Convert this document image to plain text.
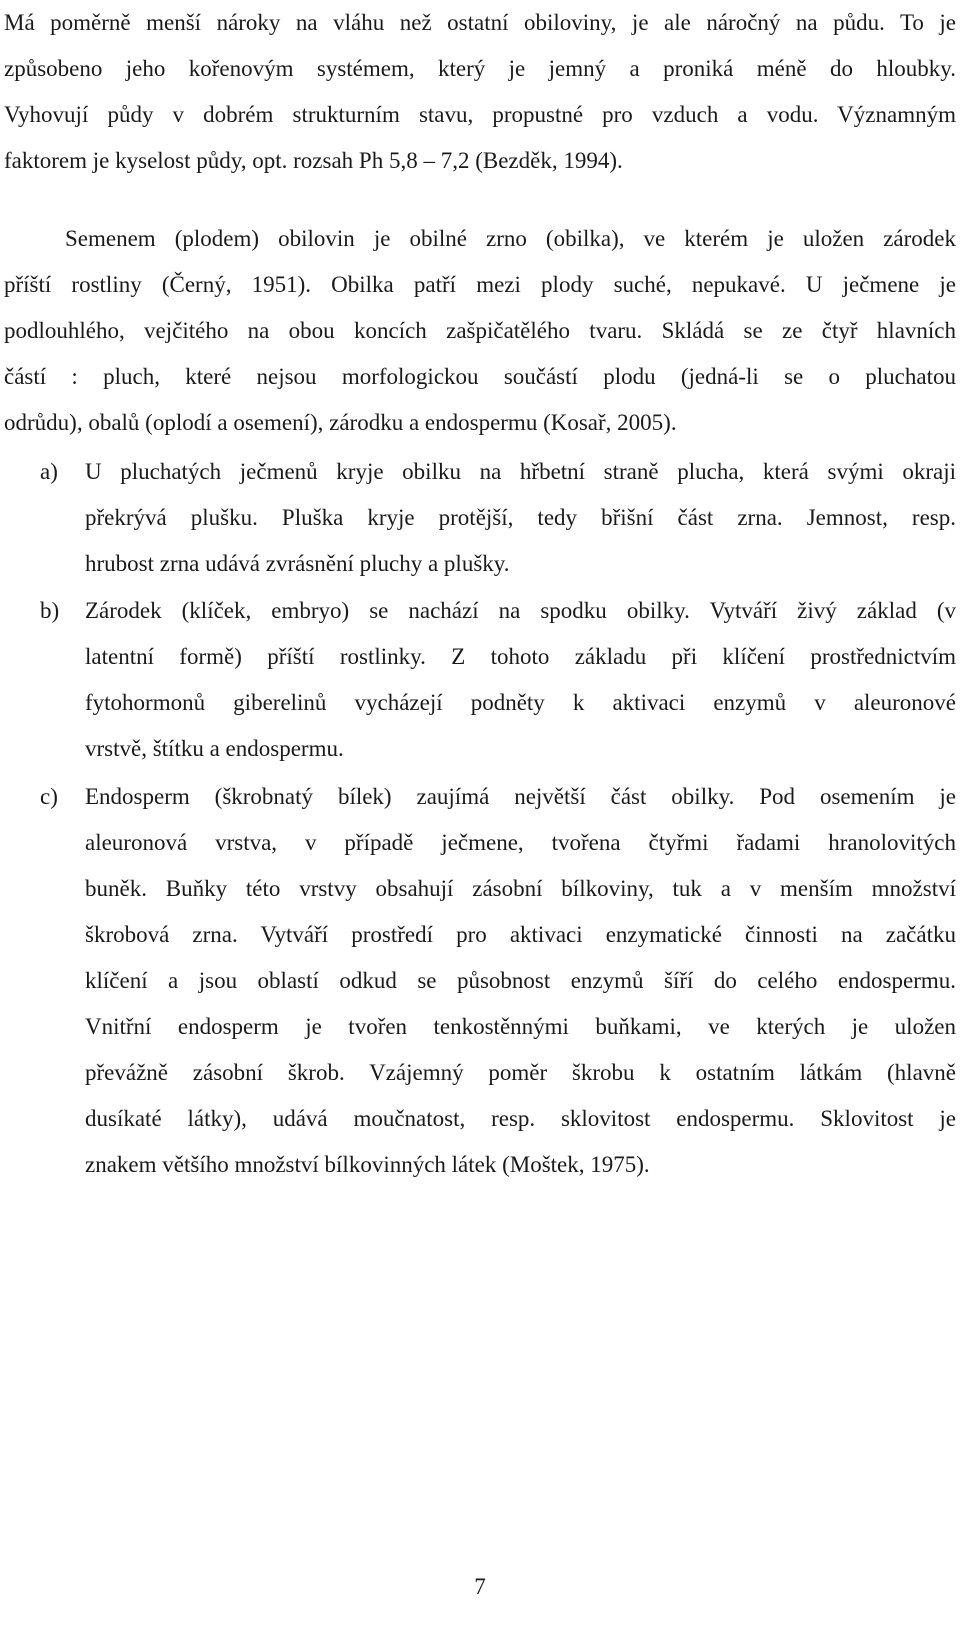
Má poměrně menší nároky na vláhu než ostatní obiloviny, je ale náročný na půdu. To je
způsobeno jeho kořenovým systémem, který je jemný a proniká méně do hloubky.
Vyhovují půdy v dobrém strukturním stavu, propustné pro vzduch a vodu. Významným
faktorem je kyselost půdy, opt. rozsah Ph 5,8 – 7,2 (Bezděk, 1994).
Semenem (plodem) obilovin je obilné zrno (obilka), ve kterém je uložen zárodek
příští rostliny (Černý, 1951). Obilka patří mezi plody suché, nepukavé. U ječmene je
podlouhlého, vejčitého na obou koncích zašpičatělého tvaru. Skládá se ze čtyř hlavních
částí : pluch, které nejsou morfologickou součástí plodu (jedná-li se o pluchatou
odrůdu), obalů (oplodí a osemení), zárodku a endospermu (Kosař, 2005).
a) U pluchatých ječmenů kryje obilku na hřbetní straně plucha, která svými okraji
překrývá plušku. Pluška kryje protější, tedy břišní část zrna. Jemnost, resp.
hrubost zrna udává zvrásnění pluchy a plušky.
b) Zárodek (klíček, embryo) se nachází na spodku obilky. Vytváří živý základ (v
latentní formě) příští rostlinky. Z tohoto základu při klíčení prostřednictvím
fytohormonů giberelinů vycházejí podněty k aktivaci enzymů v aleuronové
vrstvě, štítku a endospermu.
c) Endosperm (škrobnatý bílek) zaujímá největší část obilky. Pod osemením je
aleuronová vrstva, v případě ječmene, tvořena čtyřmi řadami hranolovitých
buněk. Buňky této vrstvy obsahují zásobní bílkoviny, tuk a v menším množství
škrobová zrna. Vytváří prostředí pro aktivaci enzymatické činnosti na začátku
klíčení a jsou oblastí odkud se působnost enzymů šíří do celého endospermu.
Vnitřní endosperm je tvořen tenkostěnnými buňkami, ve kterých je uložen
převážně zásobní škrob. Vzájemný poměr škrobu k ostatním látkám (hlavně
dusíkaté látky), udává moučnatost, resp. sklovitost endospermu. Sklovitost je
znakem většího množství bílkovinných látek (Moštek, 1975).
7
